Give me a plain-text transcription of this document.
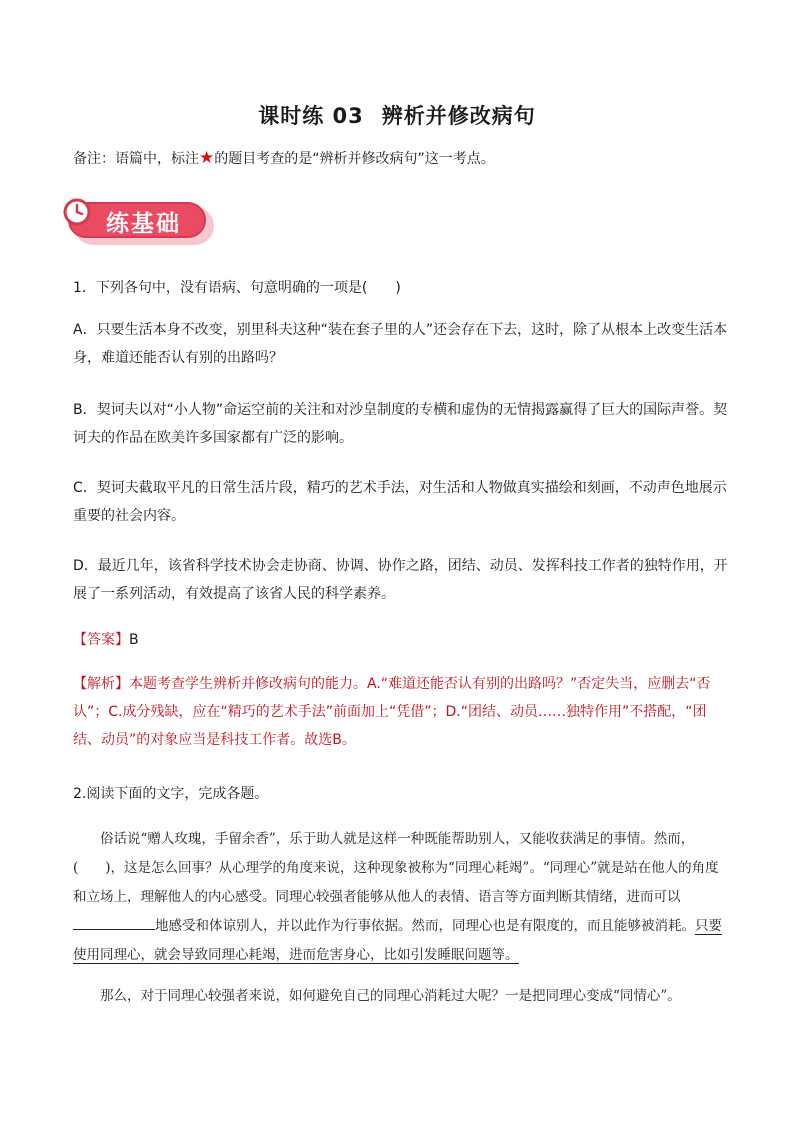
课时练 03 辨析并修改病句
备注：语篇中，标注★的题目考查的是“辨析并修改病句”这一考点。
练基础
1．下列各句中，没有语病、句意明确的一项是(　　)
A．只要生活本身不改变，别里科夫这种“装在套子里的人”还会存在下去，这时，除了从根本上改变生活本身，难道还能否认有别的出路吗？
B．契诃夫以对“小人物”命运空前的关注和对沙皇制度的专横和虚伪的无情揭露赢得了巨大的国际声誉。契诃夫的作品在欧美许多国家都有广泛的影响。
C．契诃夫截取平凡的日常生活片段，精巧的艺术手法，对生活和人物做真实描绘和刻画，不动声色地展示重要的社会内容。
D．最近几年，该省科学技术协会走协商、协调、协作之路，团结、动员、发挥科技工作者的独特作用，开展了一系列活动，有效提高了该省人民的科学素养。
【答案】B
【解析】本题考查学生辨析并修改病句的能力。A.“难道还能否认有别的出路吗？”否定失当，应删去“否认”；C.成分残缺，应在“精巧的艺术手法”前面加上“凭借”；D.“团结、动员……独特作用”不搭配，“团结、动员”的对象应当是科技工作者。故选B。
2.阅读下面的文字，完成各题。

俗话说“赠人玫瑰，手留余香”，乐于助人就是这样一种既能帮助别人，又能收获满足的事情。然而，(　　)，这是怎么回事？从心理学的角度来说，这种现象被称为“同理心耗竭”。“同理心”就是站在他人的角度和立场上，理解他人的内心感受。同理心较强者能够从他人的表情、语言等方面判断其情绪，进而可以地感受和体谅别人，并以此作为行事依据。然而，同理心也是有限度的，而且能够被消耗。只要使用同理心，就会导致同理心耗竭，进而危害身心，比如引发睡眠问题等。

那么，对于同理心较强者来说，如何避免自己的同理心消耗过大呢？一是把同理心变成“同情心”。
